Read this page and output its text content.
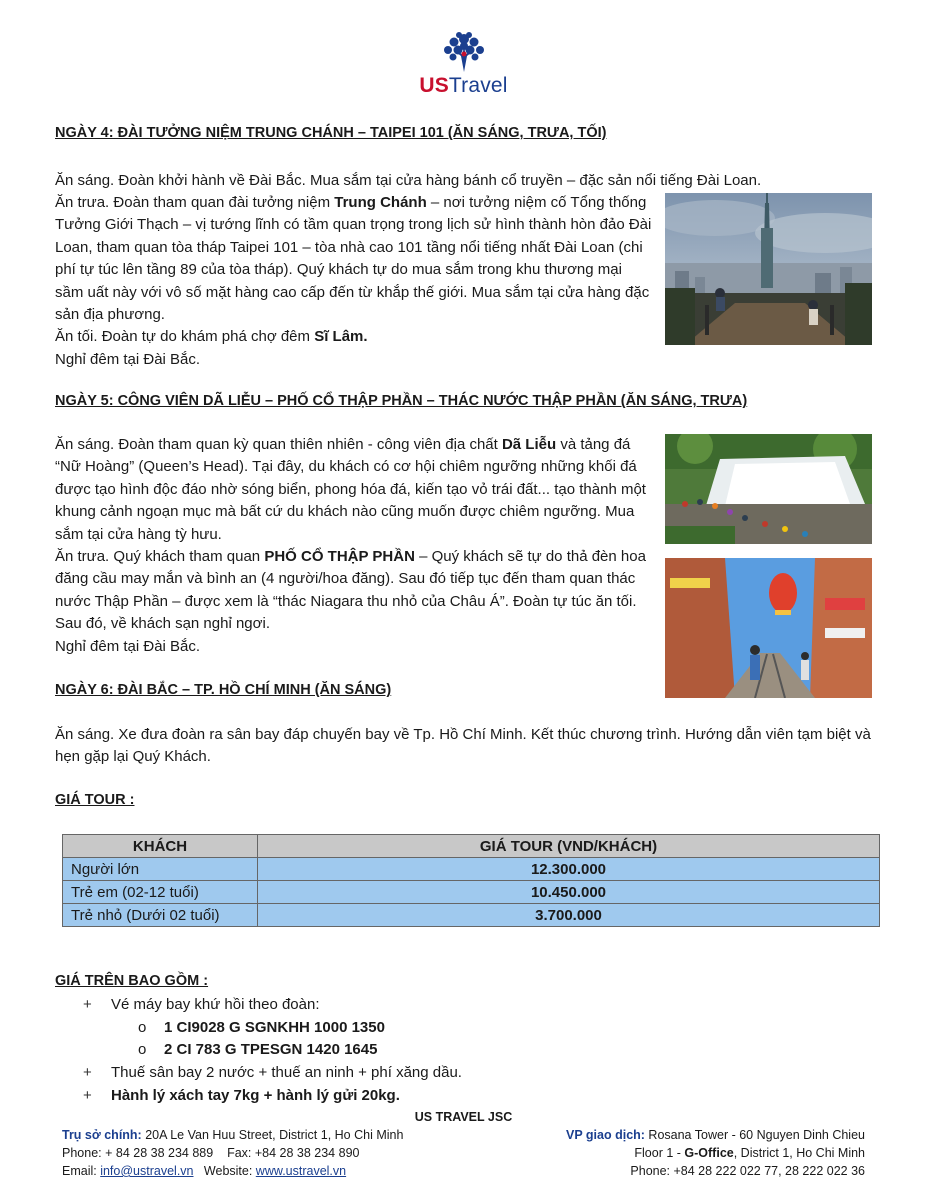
USTravel
NGÀY 4: ĐÀI TƯỞNG NIỆM TRUNG CHÁNH – TAIPEI 101 (ĂN SÁNG, TRƯA, TỐI)
Ăn sáng. Đoàn khởi hành về Đài Bắc. Mua sắm tại cửa hàng bánh cổ truyền – đặc sản nổi tiếng Đài Loan.
Ăn trưa. Đoàn tham quan đài tưởng niệm Trung Chánh – nơi tưởng niệm cố Tổng thống Tưởng Giới Thạch – vị tướng lĩnh có tầm quan trọng trong lịch sử hình thành hòn đảo Đài Loan, tham quan tòa tháp Taipei 101 – tòa nhà cao 101 tầng nổi tiếng nhất Đài Loan (chi phí tự túc lên tầng 89 của tòa tháp). Quý khách tự do mua sắm trong khu thương mại sầm uất này với vô số mặt hàng cao cấp đến từ khắp thế giới. Mua sắm tại cửa hàng đặc sản địa phương.
Ăn tối. Đoàn tự do khám phá chợ đêm Sĩ Lâm.
Nghỉ đêm tại Đài Bắc.
NGÀY 5: CÔNG VIÊN DÃ LIỄU – PHỐ CỔ THẬP PHẦN – THÁC NƯỚC THẬP PHẦN (ĂN SÁNG, TRƯA)
Ăn sáng. Đoàn tham quan kỳ quan thiên nhiên - công viên địa chất Dã Liễu và tảng đá “Nữ Hoàng” (Queen’s Head). Tại đây, du khách có cơ hội chiêm ngưỡng những khối đá được tạo hình độc đáo nhờ sóng biển, phong hóa đá, kiến tạo vỏ trái đất... tạo thành một khung cảnh ngoạn mục mà bất cứ du khách nào cũng muốn được chiêm ngưỡng. Mua sắm tại cửa hàng tỳ hưu.
Ăn trưa. Quý khách tham quan PHỐ CỔ THẬP PHẦN – Quý khách sẽ tự do thả đèn hoa đăng cầu may mắn và bình an (4 người/hoa đăng). Sau đó tiếp tục đến tham quan thác nước Thập Phần – được xem là “thác Niagara thu nhỏ của Châu Á”. Đoàn tự túc ăn tối. Sau đó, về khách sạn nghỉ ngơi.
Nghỉ đêm tại Đài Bắc.
NGÀY 6: ĐÀI BẮC – TP. HỒ CHÍ MINH (ĂN SÁNG)
Ăn sáng. Xe đưa đoàn ra sân bay đáp chuyến bay về Tp. Hồ Chí Minh. Kết thúc chương trình. Hướng dẫn viên tạm biệt và hẹn gặp lại Quý Khách.
GIÁ TOUR :
KHÁCH	GIÁ TOUR (VND/KHÁCH)
Người lớn	12.300.000
Trẻ em (02-12 tuổi)	10.450.000
Trẻ nhỏ (Dưới 02 tuổi)	3.700.000
GIÁ TRÊN BAO GỒM :
+ Vé máy bay khứ hồi theo đoàn:
o 1 CI9028 G SGNKHH 1000 1350
o 2 CI 783 G TPESGN 1420 1645
+ Thuế sân bay 2 nước + thuế an ninh + phí xăng dầu.
+ Hành lý xách tay 7kg + hành lý gửi 20kg.
US TRAVEL JSC
Trụ sở chính: 20A Le Van Huu Street, District 1, Ho Chi Minh
Phone: + 84 28 38 234 889    Fax: +84 28 38 234 890
Email: info@ustravel.vn   Website: www.ustravel.vn
VP giao dịch: Rosana Tower - 60 Nguyen Dinh Chieu
Floor 1 - G-Office, District 1, Ho Chi Minh
Phone: +84 28 222 022 77, 28 222 022 36
